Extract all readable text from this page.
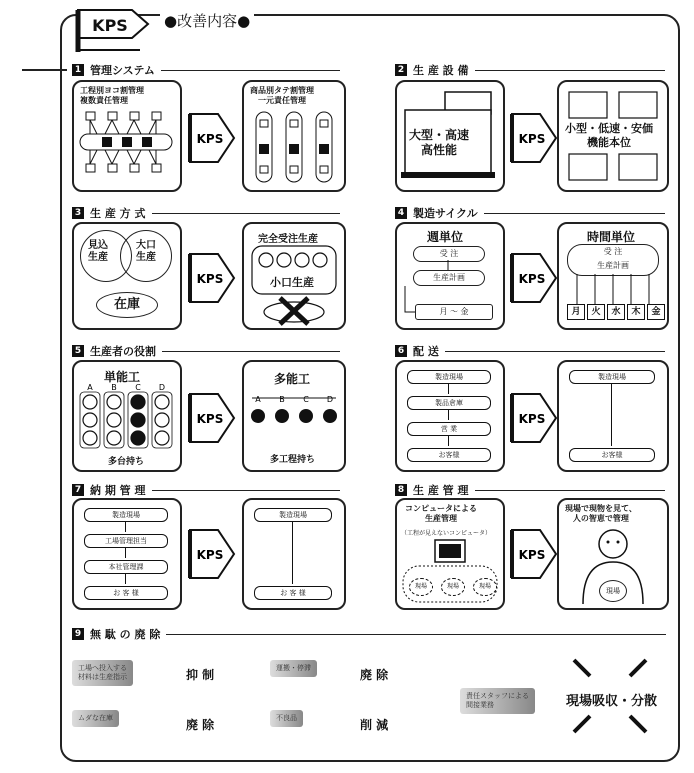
KPS ●改善内容●
1 管理システム	2 生 産 設 備
3 生 産 方 式	4 製造サイクル
5 生産者の役割	6 配 送
7 納 期 管 理	8 生 産 管 理
9 無 駄 の 廃 除
KPS	KPS
KPS	KPS
KPS	KPS
KPS	KPS
工程別ヨコ割管理
複数責任管理
商品別タテ割管理
一元責任管理
大型・高速
高性能
小型・低速・安価
機能本位
見込
生産
大口
生産
在庫
完全受注生産
小口生産
週単位
受 注
生産計画
月 〜 金
時間単位
受 注
生産計画
月	火	水	木	金
単能工
A B C D
多台持ち
多能工
A B C D
多工程持ち
製造現場
製品倉庫
営 業
お客様
製造現場
お客様
製造現場
工場管理担当
本社管理課
お 客 様
製造現場
お 客 様
コンピュータによる
生産管理
（工程が見えないコンピュータ）
現場	現場	現場
現場で現物を見て、
人の智恵で管理
現場
工場へ投入する
材料は生産指示	抑 制	運搬・停滞	廃 除
責任スタッフによる
間接業務	現場吸収・分散
ムダな在庫	廃 除	不良品	削 減
